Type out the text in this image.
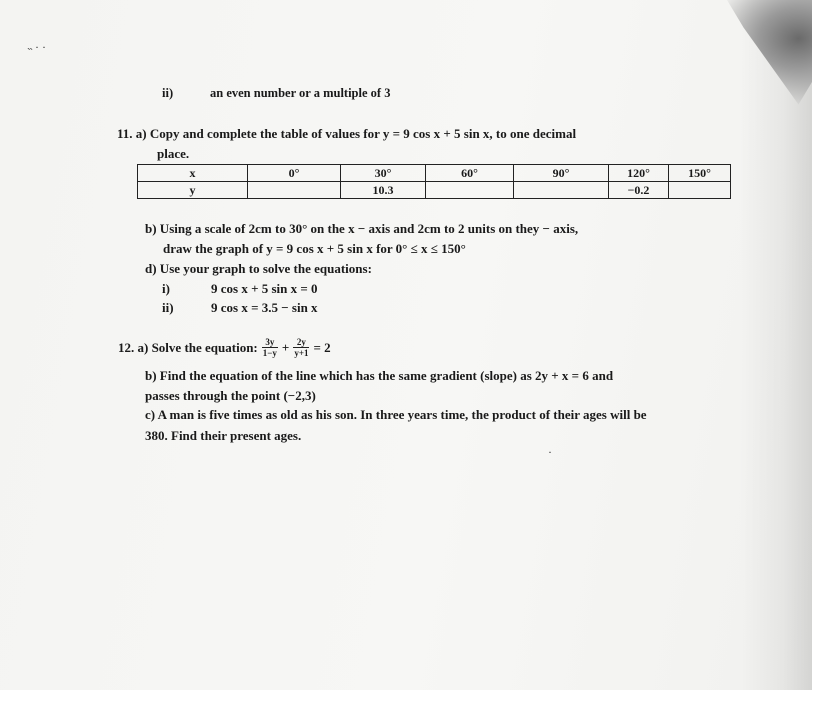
˵ · ·
ii)	an even number or a multiple of 3
11. a) Copy and complete the table of values for y = 9 cos x + 5 sin x, to one decimal
place.
x	0°	30°	60°	90°	120°	150°
y		10.3			−0.2	
b) Using a scale of 2cm to 30° on the x − axis and 2cm to 2 units on they − axis,
draw the graph of y = 9 cos x + 5 sin x for 0° ≤ x ≤ 150°
d) Use your graph to solve the equations:
i)	9 cos x + 5 sin x = 0
ii)	9 cos x = 3.5 − sin x
12. a) Solve the equation: $\frac{3y}{1-y} + \frac{2y}{y+1} = 2$
b) Find the equation of the line which has the same gradient (slope) as 2y + x = 6 and
passes through the point (−2,3)
c) A man is five times as old as his son. In three years time, the product of their ages will be
380. Find their present ages.
·
